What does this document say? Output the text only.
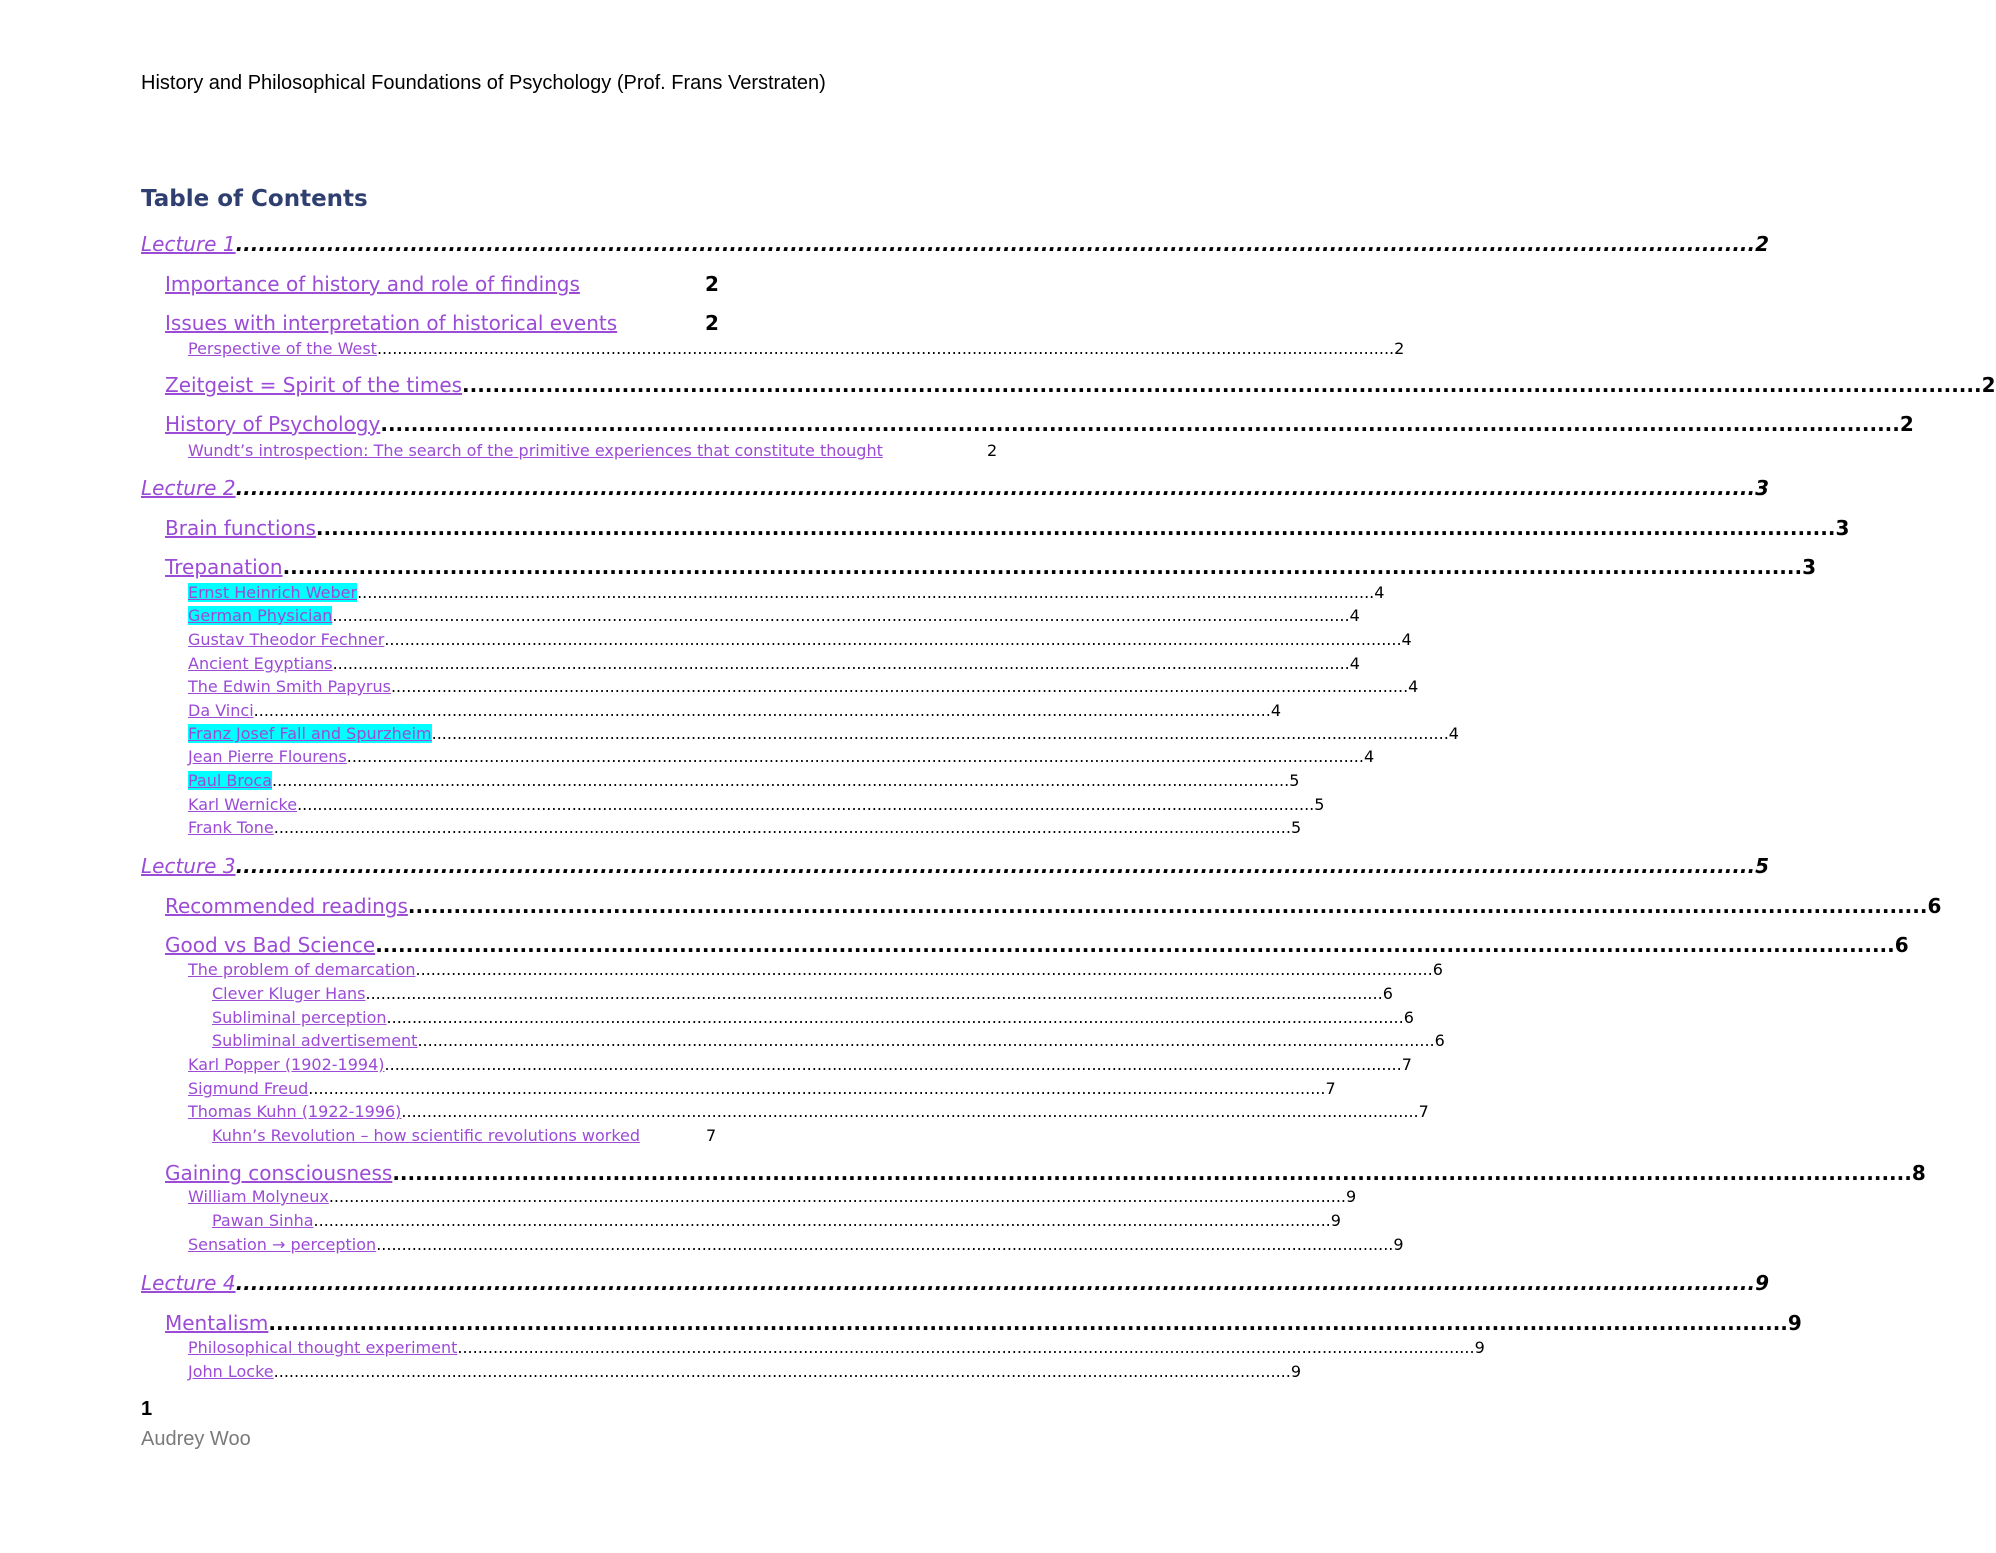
History and Philosophical Foundations of Psychology (Prof. Frans Verstraten)
Table of Contents
Lecture 1 ........................................................................................................................................................................................................ 2
Importance of history and role of findings	2
Issues with interpretation of historical events	2
Perspective of the West ........................................................................................................................................................................................................ 2
Zeitgeist = Spirit of the times ........................................................................................................................................................................................................ 2
History of Psychology ........................................................................................................................................................................................................ 2
Wundt’s introspection: The search of the primitive experiences that constitute thought	2
Lecture 2 ........................................................................................................................................................................................................ 3
Brain functions ........................................................................................................................................................................................................ 3
Trepanation ........................................................................................................................................................................................................ 3
Ernst Heinrich Weber ........................................................................................................................................................................................................ 4
German Physician ........................................................................................................................................................................................................ 4
Gustav Theodor Fechner ........................................................................................................................................................................................................ 4
Ancient Egyptians ........................................................................................................................................................................................................ 4
The Edwin Smith Papyrus ........................................................................................................................................................................................................ 4
Da Vinci ........................................................................................................................................................................................................ 4
Franz Josef Fall and Spurzheim ........................................................................................................................................................................................................ 4
Jean Pierre Flourens ........................................................................................................................................................................................................ 4
Paul Broca ........................................................................................................................................................................................................ 5
Karl Wernicke ........................................................................................................................................................................................................ 5
Frank Tone ........................................................................................................................................................................................................ 5
Lecture 3 ........................................................................................................................................................................................................ 5
Recommended readings ........................................................................................................................................................................................................ 6
Good vs Bad Science ........................................................................................................................................................................................................ 6
The problem of demarcation ........................................................................................................................................................................................................ 6
Clever Kluger Hans ........................................................................................................................................................................................................ 6
Subliminal perception ........................................................................................................................................................................................................ 6
Subliminal advertisement ........................................................................................................................................................................................................ 6
Karl Popper (1902-1994) ........................................................................................................................................................................................................ 7
Sigmund Freud ........................................................................................................................................................................................................ 7
Thomas Kuhn (1922-1996) ........................................................................................................................................................................................................ 7
Kuhn’s Revolution – how scientific revolutions worked	7
Gaining consciousness ........................................................................................................................................................................................................ 8
William Molyneux ........................................................................................................................................................................................................ 9
Pawan Sinha ........................................................................................................................................................................................................ 9
Sensation → perception ........................................................................................................................................................................................................ 9
Lecture 4 ........................................................................................................................................................................................................ 9
Mentalism ........................................................................................................................................................................................................ 9
Philosophical thought experiment ........................................................................................................................................................................................................ 9
John Locke ........................................................................................................................................................................................................ 9
1
Audrey Woo
